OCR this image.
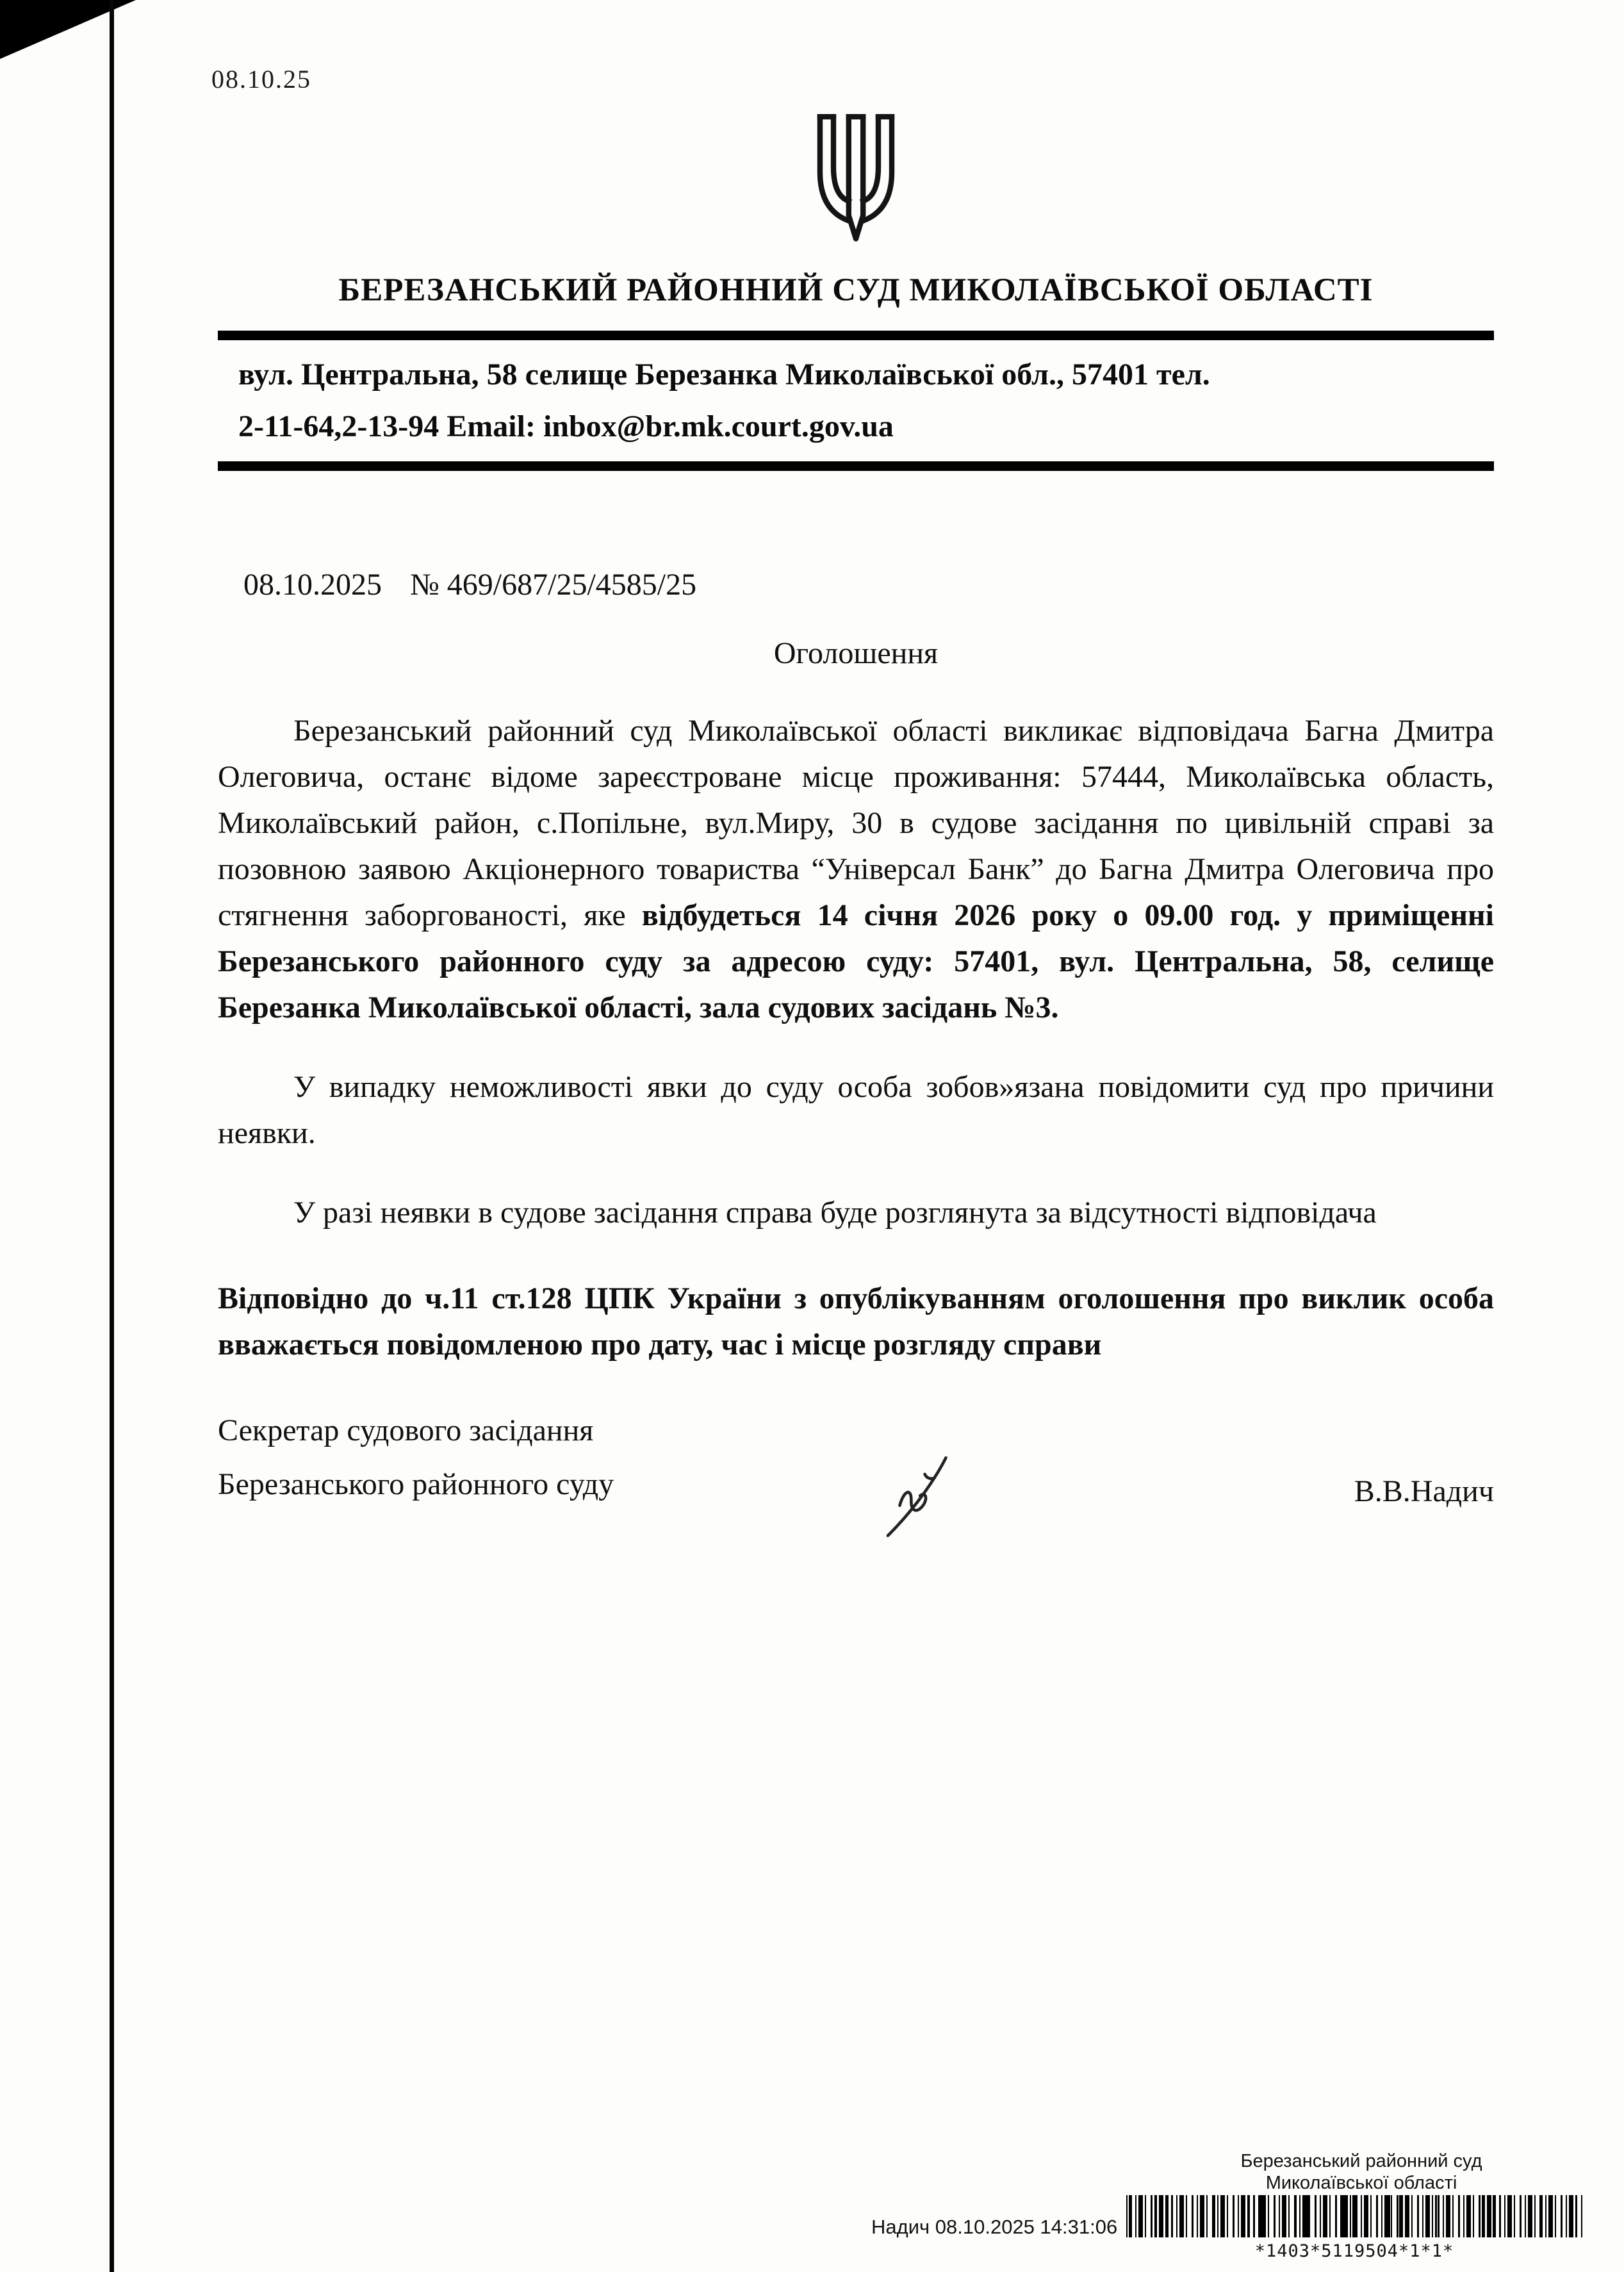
08.10.25
БЕРЕЗАНСЬКИЙ РАЙОННИЙ СУД МИКОЛАЇВСЬКОЇ ОБЛАСТІ
вул. Центральна, 58 селище Березанка Миколаївської обл., 57401 тел.
2-11-64,2-13-94 Email: inbox@br.mk.court.gov.ua
08.10.2025 № 469/687/25/4585/25
Оголошення

Березанський районний суд Миколаївської області викликає відповідача Багна Дмитра Олеговича, останє відоме зареєстроване місце проживання: 57444, Миколаївська область, Миколаївський район, с.Попільне, вул.Миру, 30 в судове засідання по цивільній справі за позовною заявою Акціонерного товариства “Універсал Банк” до Багна Дмитра Олеговича про стягнення заборгованості, яке відбудеться 14 січня 2026 року о 09.00 год. у приміщенні Березанського районного суду за адресою суду: 57401, вул. Центральна, 58, селище Березанка Миколаївської області, зала судових засідань №3.

У випадку неможливості явки до суду особа зобов»язана повідомити суд про причини неявки.

У разі неявки в судове засідання справа буде розглянута за відсутності відповідача

Відповідно до ч.11 ст.128 ЦПК України з опублікуванням оголошення про виклик особа вважається повідомленою про дату, час і місце розгляду справи

Секретар судового засідання
Березанського районного суду	В.В.Надич
Березанський районний суд
Миколаївської області
Надич 08.10.2025 14:31:06
*1403*5119504*1*1*
